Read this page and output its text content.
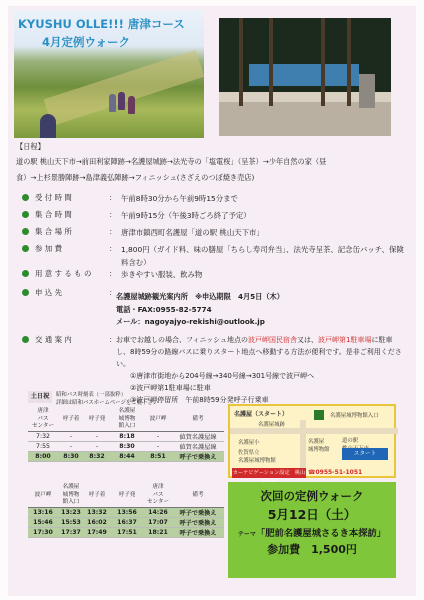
KYUSHU OLLE!!! 唐津コース
4月定例ウォーク
【日程】
道の駅 桃山天下市→前田利家陣跡→名護屋城跡→法光寺の「塩電桜」（呈茶）→少年自然の家（昼
食）→上杉景勝陣跡→島津義弘陣跡→フィニッシュ(さざえのつぼ焼き売店)
受付時間	： 午前8時30分から午前9時15分まで
集合時間	： 午前9時15分（午後3時ごろ終了予定）
集合場所	： 唐津市鎮西町名護屋「道の駅 桃山天下市」
参加費	： 1,800円（ガイド料、味の膳屋「ちらし寿司弁当」、法光寺呈茶、記念缶バッチ、保険料含む）
用意するもの	： 歩きやすい服装、飲み物
申込先	： 名護屋城跡観光案内所　※申込期限　4月5日（木）
電話・FAX:0955-82-5774
メール：nagoyajyo-rekishi@outlook.jp
交通案内	： お車でお越しの場合、フィニッシュ地点の波戸岬国民宿舎又は、波戸岬第1駐車場に駐車し、8時59分の路線バスに乗りスタート地点へ移動する方法が便利です。是非ご利用ください。
①唐津市街地から204号線→340号線→301号線で波戸岬へ
②波戸岬第1駐車場に駐車
③波戸岬停留所　午前8時59分発呼子行乗車
土日祝	昭和バス時刻表（一部抜粋）
詳細は昭和バスホームページをご覧下さい
唐津
バス
センター	呼子着	呼子発	名護屋
城博物
館入口	波戸岬	備考
7:32	-	-	8:18	-	値賀名護屋線
7:55	-	-	8:30	-	値賀名護屋線
8:00	8:30	8:32	8:44	8:51	呼子で乗換え
波戸岬	名護屋
城博物
館入口	呼子着	呼子発	唐津
バス
センター	備考
13:16	13:23	13:32	13:56	14:26	呼子で乗換え
15:46	15:53	16:02	16:37	17:07	呼子で乗換え
17:30	17:37	17:49	17:51	18:21	呼子で乗換え
名護屋（スタート）	名護屋城博物館入口
名護屋城跡
名護屋
城博物館
名護屋小
佐賀県立
名護屋城博物館
道の駅

スタート
カーナビゲーション設定　桃山 ☎0955-51-1051
次回の定例ウォーク
5月12日（土）
テーマ「肥前名護屋城さるき本探訪」
参加費　1,500円
